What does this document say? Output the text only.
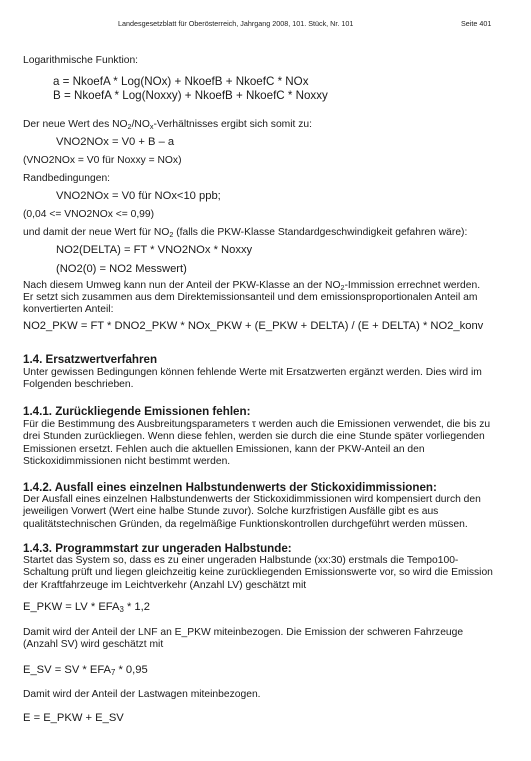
Landesgesetzblatt für Oberösterreich, Jahrgang 2008, 101. Stück, Nr. 101	Seite 401
Logarithmische Funktion:
a = NkoefA * Log(NOx) + NkoefB + NkoefC * NOx
B = NkoefA * Log(Noxxy) + NkoefB + NkoefC * Noxxy
Der neue Wert des $NO_2/NO_x$-Verhältnisses ergibt sich somit zu:
VNO2NOx = V0 + B – a
(VNO2NOx = V0 für Noxxy = NOx)
Randbedingungen:
VNO2NOx = V0 für NOx<10 ppb;
(0,04 <= VNO2NOx <= 0,99)
und damit der neue Wert für $NO_2$ (falls die PKW-Klasse Standardgeschwindigkeit gefahren wäre):
NO2(DELTA) = FT * VNO2NOx * Noxxy
(NO2(0) = NO2 Messwert)
Nach diesem Umweg kann nun der Anteil der PKW-Klasse an der $NO_2$-Immission errechnet werden.
Er setzt sich zusammen aus dem Direktemissionsanteil und dem emissionsproportionalen Anteil am
konvertierten Anteil:
NO2_PKW = FT * DNO2_PKW * NOx_PKW + (E_PKW + DELTA) / (E + DELTA) * NO2_konv
1.4. Ersatzwertverfahren
Unter gewissen Bedingungen können fehlende Werte mit Ersatzwerten ergänzt werden. Dies wird im Folgenden beschrieben.
1.4.1. Zurückliegende Emissionen fehlen:
Für die Bestimmung des Ausbreitungsparameters τ werden auch die Emissionen verwendet, die bis zu drei Stunden zurückliegen. Wenn diese fehlen, werden sie durch die eine Stunde später vorliegenden Emissionen ersetzt. Fehlen auch die aktuellen Emissionen, kann der PKW-Anteil an den Stickoxidimmissionen nicht bestimmt werden.
1.4.2. Ausfall eines einzelnen Halbstundenwerts der Stickoxidimmissionen:
Der Ausfall eines einzelnen Halbstundenwerts der Stickoxidimmissionen wird kompensiert durch den jeweiligen Vorwert (Wert eine halbe Stunde zuvor). Solche kurzfristigen Ausfälle gibt es aus qualitätstechnischen Gründen, da regelmäßige Funktionskontrollen durchgeführt werden müssen.
1.4.3. Programmstart zur ungeraden Halbstunde:
Startet das System so, dass es zu einer ungeraden Halbstunde (xx:30) erstmals die Tempo100-Schaltung prüft und liegen gleichzeitig keine zurückliegenden Emissionswerte vor, so wird die Emission der Kraftfahrzeuge im Leichtverkehr (Anzahl LV) geschätzt mit
E_PKW = LV * $EFA_3 * 1,2$
Damit wird der Anteil der LNF an E_PKW miteinbezogen. Die Emission der schweren Fahrzeuge (Anzahl SV) wird geschätzt mit
E_SV = SV * $EFA_7 * 0,95$
Damit wird der Anteil der Lastwagen miteinbezogen.
E = E_PKW + E_SV
